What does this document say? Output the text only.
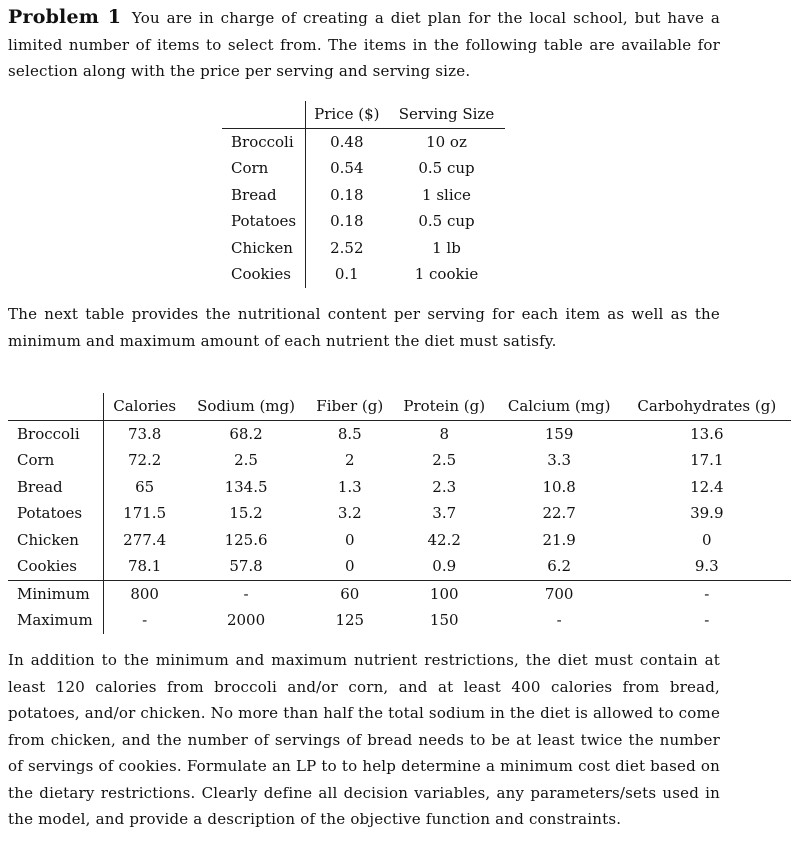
Problem 1 You are in charge of creating a diet plan for the local school, but have a limited number of items to select from. The items in the following table are available for selection along with the price per serving and serving size.
	Price ($)	Serving Size
Broccoli	0.48	10 oz
Corn	0.54	0.5 cup
Bread	0.18	1 slice
Potatoes	0.18	0.5 cup
Chicken	2.52	1 lb
Cookies	0.1	1 cookie
The next table provides the nutritional content per serving for each item as well as the minimum and maximum amount of each nutrient the diet must satisfy.
	Calories	Sodium (mg)	Fiber (g)	Protein (g)	Calcium (mg)	Carbohydrates (g)
Broccoli	73.8	68.2	8.5	8	159	13.6
Corn	72.2	2.5	2	2.5	3.3	17.1
Bread	65	134.5	1.3	2.3	10.8	12.4
Potatoes	171.5	15.2	3.2	3.7	22.7	39.9
Chicken	277.4	125.6	0	42.2	21.9	0
Cookies	78.1	57.8	0	0.9	6.2	9.3
Minimum	800	-	60	100	700	-
Maximum	-	2000	125	150	-	-
In addition to the minimum and maximum nutrient restrictions, the diet must contain at least 120 calories from broccoli and/or corn, and at least 400 calories from bread, potatoes, and/or chicken. No more than half the total sodium in the diet is allowed to come from chicken, and the number of servings of bread needs to be at least twice the number of servings of cookies. Formulate an LP to to help determine a minimum cost diet based on the dietary restrictions. Clearly define all decision variables, any parameters/sets used in the model, and provide a description of the objective function and constraints.
